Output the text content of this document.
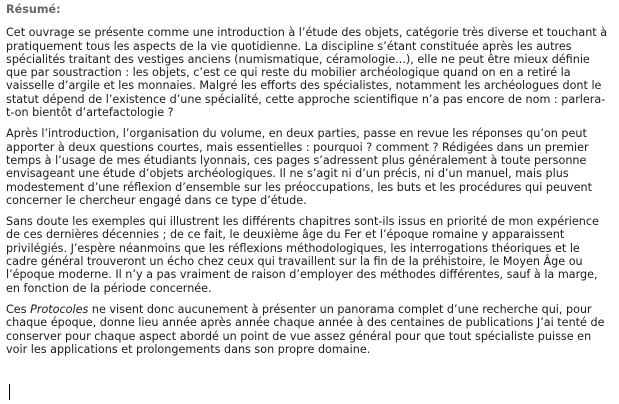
Résumé:

Cet ouvrage se présente comme une introduction à l’étude des objets, catégorie très diverse et touchant à pratiquement tous les aspects de la vie quotidienne. La discipline s’étant constituée après les autres spécialités traitant des vestiges anciens (numismatique, céramologie...), elle ne peut être mieux définie que par soustraction : les objets, c’est ce qui reste du mobilier archéologique quand on en a retiré la vaisselle d’argile et les monnaies. Malgré les efforts des spécialistes, notamment les archéologues dont le statut dépend de l’existence d’une spécialité, cette approche scientifique n’a pas encore de nom : parlera-t-on bientôt d’artefactologie ?

Après l’introduction, l’organisation du volume, en deux parties, passe en revue les réponses qu’on peut apporter à deux questions courtes, mais essentielles : pourquoi ? comment ? Rédigées dans un premier temps à l’usage de mes étudiants lyonnais, ces pages s’adressent plus généralement à toute personne envisageant une étude d’objets archéologiques. Il ne s’agit ni d’un précis, ni d’un manuel, mais plus modestement d’une réflexion d’ensemble sur les préoccupations, les buts et les procédures qui peuvent concerner le chercheur engagé dans ce type d’étude.

Sans doute les exemples qui illustrent les différents chapitres sont-ils issus en priorité de mon expérience de ces dernières décennies ; de ce fait, le deuxième âge du Fer et l’époque romaine y apparaissent privilégiés. J’espère néanmoins que les réflexions méthodologiques, les interrogations théoriques et le cadre général trouveront un écho chez ceux qui travaillent sur la fin de la préhistoire, le Moyen Âge ou l’époque moderne. Il n’y a pas vraiment de raison d’employer des méthodes différentes, sauf à la marge, en fonction de la période concernée.

Ces Protocoles ne visent donc aucunement à présenter un panorama complet d’une recherche qui, pour chaque époque, donne lieu année après année chaque année à des centaines de publications J’ai tenté de conserver pour chaque aspect abordé un point de vue assez général pour que tout spécialiste puisse en voir les applications et prolongements dans son propre domaine.
